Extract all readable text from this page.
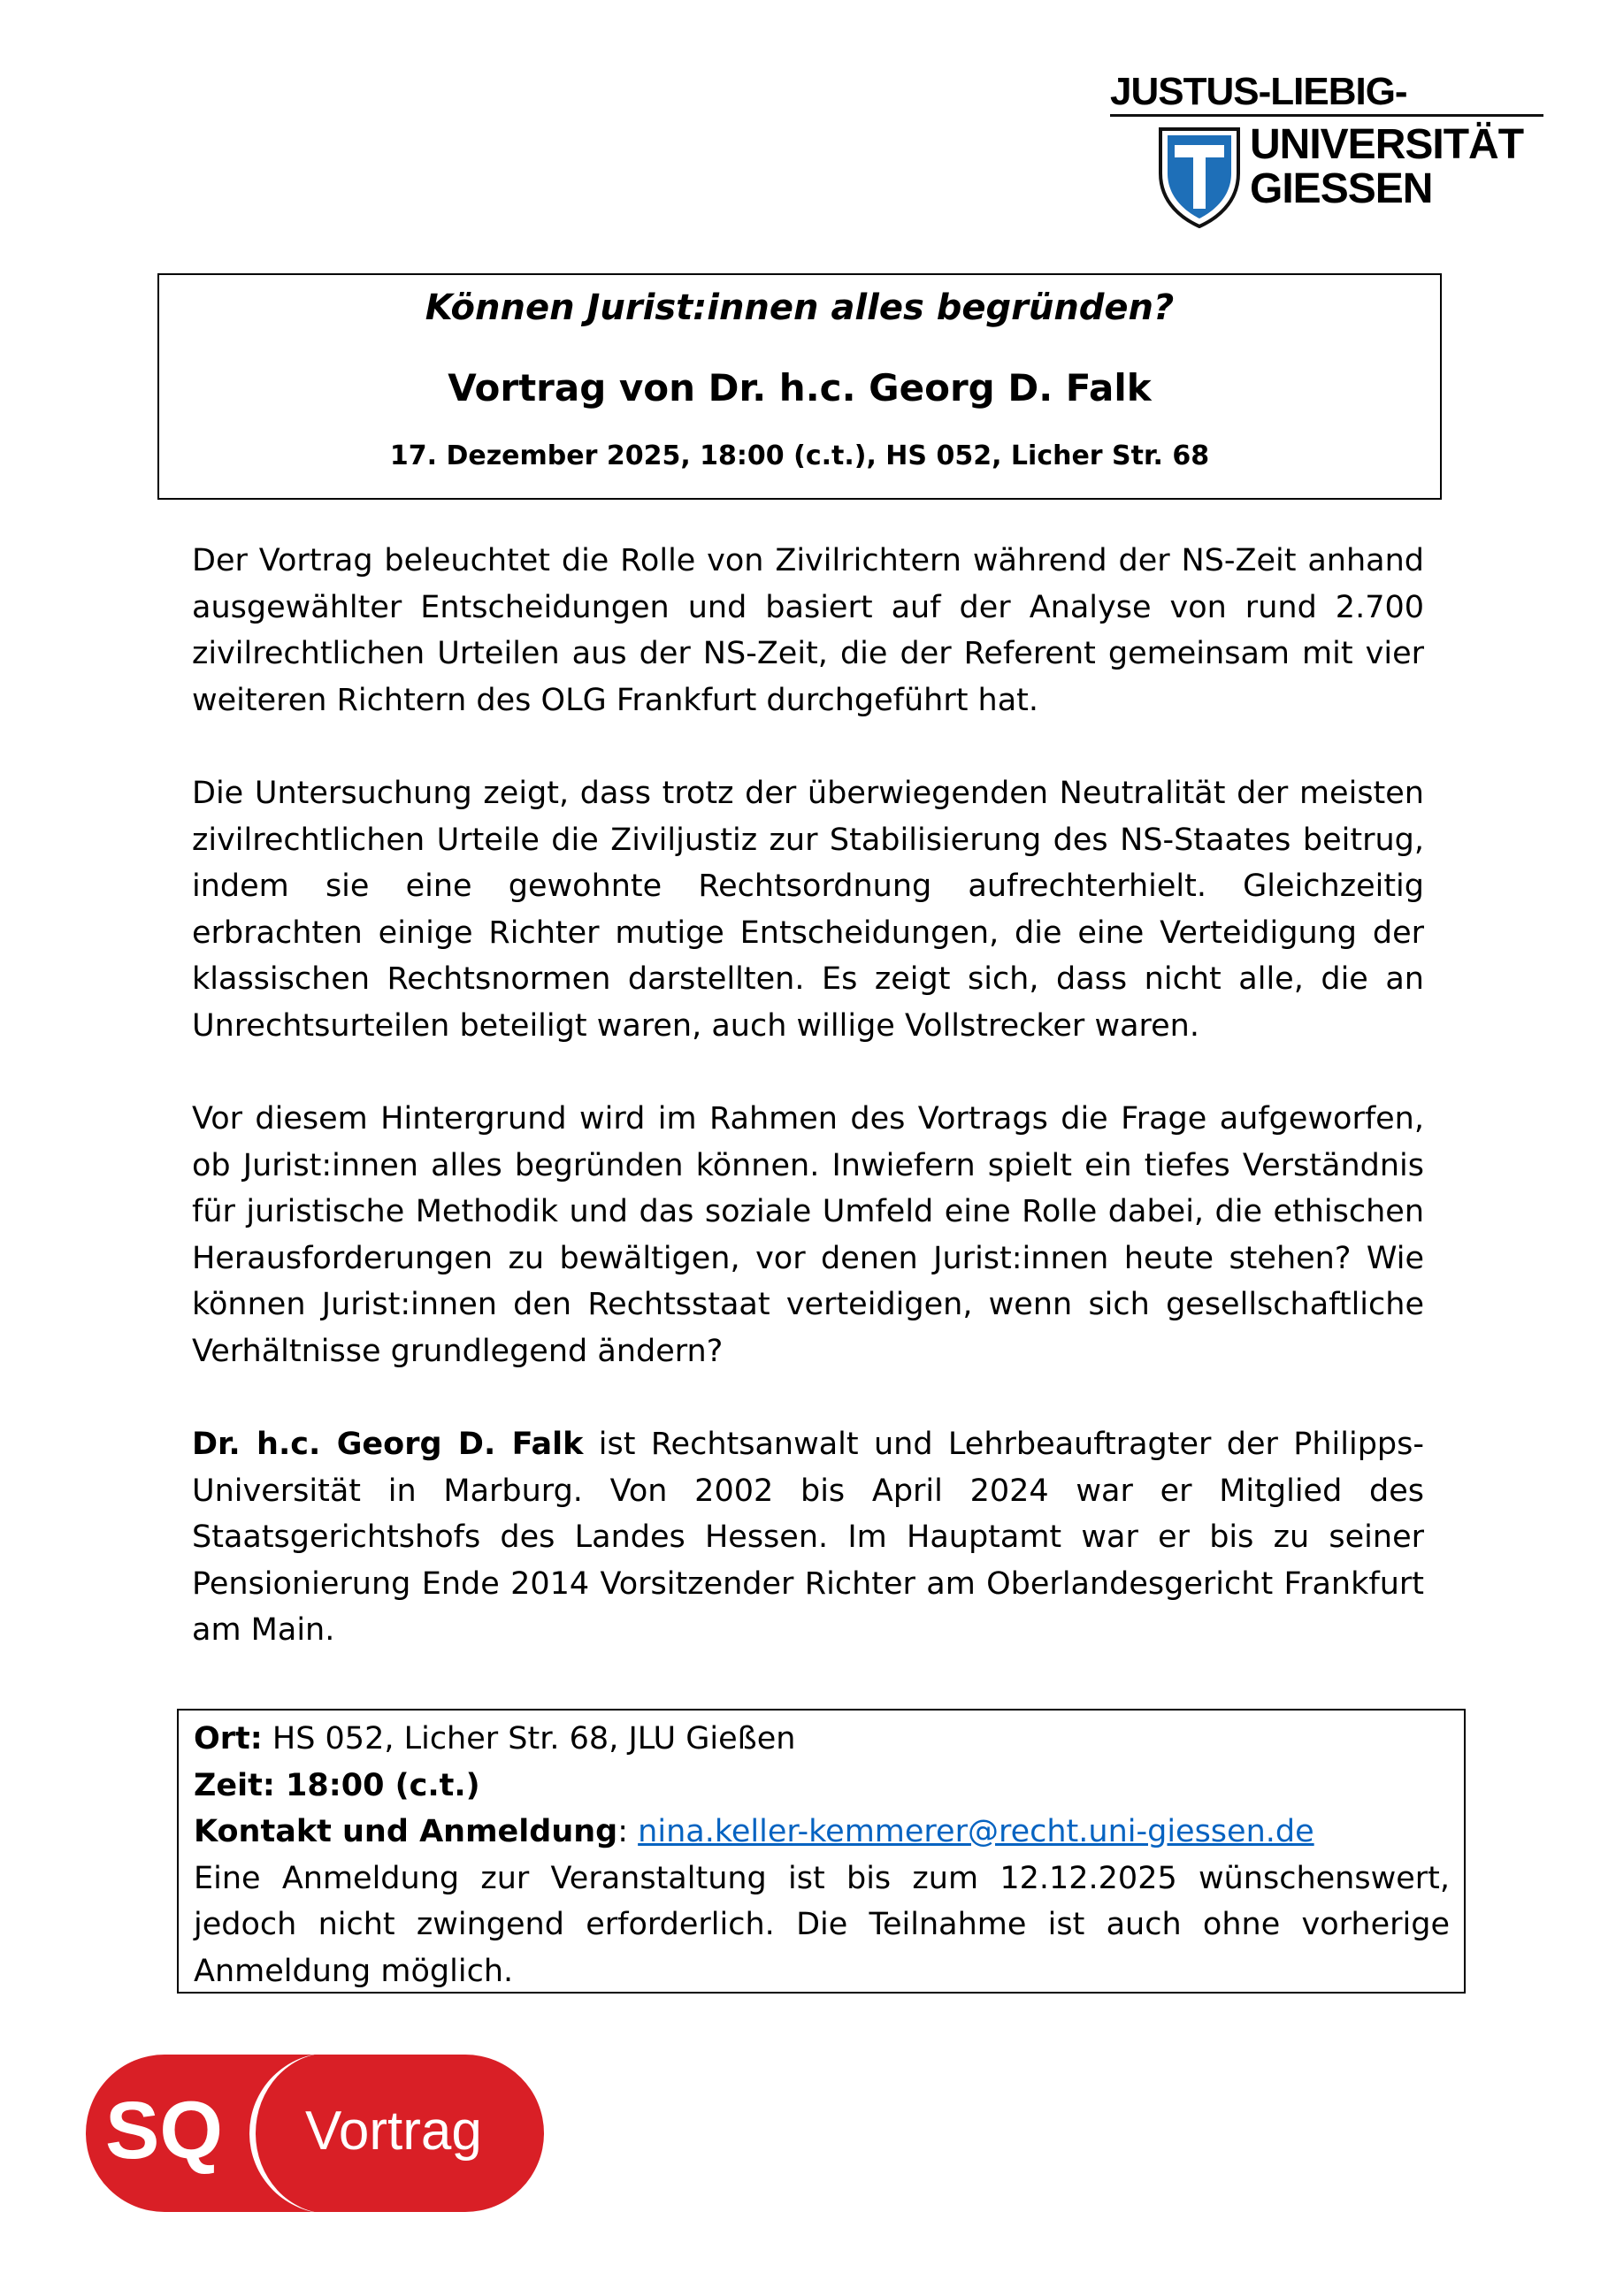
JUSTUS-LIEBIG-
UNIVERSITÄT
GIESSEN
Können Jurist:innen alles begründen?
Vortrag von Dr. h.c. Georg D. Falk
17. Dezember 2025, 18:00 (c.t.), HS 052, Licher Str. 68

Der Vortrag beleuchtet die Rolle von Zivilrichtern während der NS-Zeit anhand ausgewählter Entscheidungen und basiert auf der Analyse von rund 2.700 zivilrechtlichen Urteilen aus der NS-Zeit, die der Referent gemeinsam mit vier weiteren Richtern des OLG Frankfurt durchgeführt hat.

Die Untersuchung zeigt, dass trotz der überwiegenden Neutralität der meisten zivilrechtlichen Urteile die Ziviljustiz zur Stabilisierung des NS-Staates beitrug, indem sie eine gewohnte Rechtsordnung aufrechterhielt. Gleichzeitig erbrachten einige Richter mutige Entscheidungen, die eine Verteidigung der klassischen Rechtsnormen darstellten. Es zeigt sich, dass nicht alle, die an Unrechtsurteilen beteiligt waren, auch willige Vollstrecker waren.

Vor diesem Hintergrund wird im Rahmen des Vortrags die Frage aufgeworfen, ob Jurist:innen alles begründen können. Inwiefern spielt ein tiefes Verständnis für juristische Methodik und das soziale Umfeld eine Rolle dabei, die ethischen Herausforderungen zu bewältigen, vor denen Jurist:innen heute stehen? Wie können Jurist:innen den Rechtsstaat verteidigen, wenn sich gesellschaftliche Verhältnisse grundlegend ändern?

Dr. h.c. Georg D. Falk ist Rechtsanwalt und Lehrbeauftragter der Philipps-Universität in Marburg. Von 2002 bis April 2024 war er Mitglied des Staatsgerichtshofs des Landes Hessen. Im Hauptamt war er bis zu seiner Pensionierung Ende 2014 Vorsitzender Richter am Oberlandesgericht Frankfurt am Main.

Ort: HS 052, Licher Str. 68, JLU Gießen
Zeit: 18:00 (c.t.)
Kontakt und Anmeldung: nina.keller-kemmerer@recht.uni-giessen.de
Eine Anmeldung zur Veranstaltung ist bis zum 12.12.2025 wünschenswert, jedoch nicht zwingend erforderlich. Die Teilnahme ist auch ohne vorherige Anmeldung möglich.
SQ Vortrag
